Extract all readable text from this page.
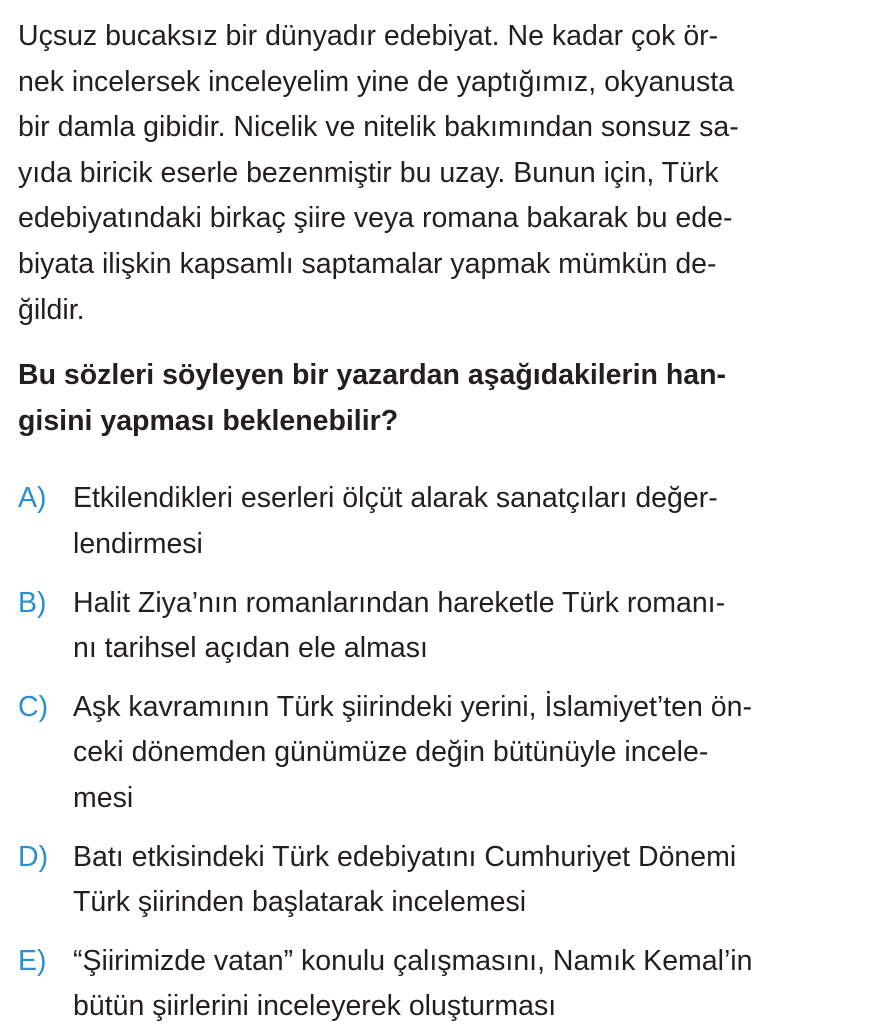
Uçsuz bucaksız bir dünyadır edebiyat. Ne kadar çok ör-
nek incelersek inceleyelim yine de yaptığımız, okyanusta
bir damla gibidir. Nicelik ve nitelik bakımından sonsuz sa-
yıda biricik eserle bezenmiştir bu uzay. Bunun için, Türk
edebiyatındaki birkaç şiire veya romana bakarak bu ede-
biyata ilişkin kapsamlı saptamalar yapmak mümkün de-
ğildir.
Bu sözleri söyleyen bir yazardan aşağıdakilerin han-
gisini yapması beklenebilir?
A) Etkilendikleri eserleri ölçüt alarak sanatçıları değer-
lendirmesi
B) Halit Ziya’nın romanlarından hareketle Türk romanı-
nı tarihsel açıdan ele alması
C) Aşk kavramının Türk şiirindeki yerini, İslamiyet’ten ön-
ceki dönemden günümüze değin bütünüyle incele-
mesi
D) Batı etkisindeki Türk edebiyatını Cumhuriyet Dönemi
Türk şiirinden başlatarak incelemesi
E) “Şiirimizde vatan” konulu çalışmasını, Namık Kemal’in
bütün şiirlerini inceleyerek oluşturması
